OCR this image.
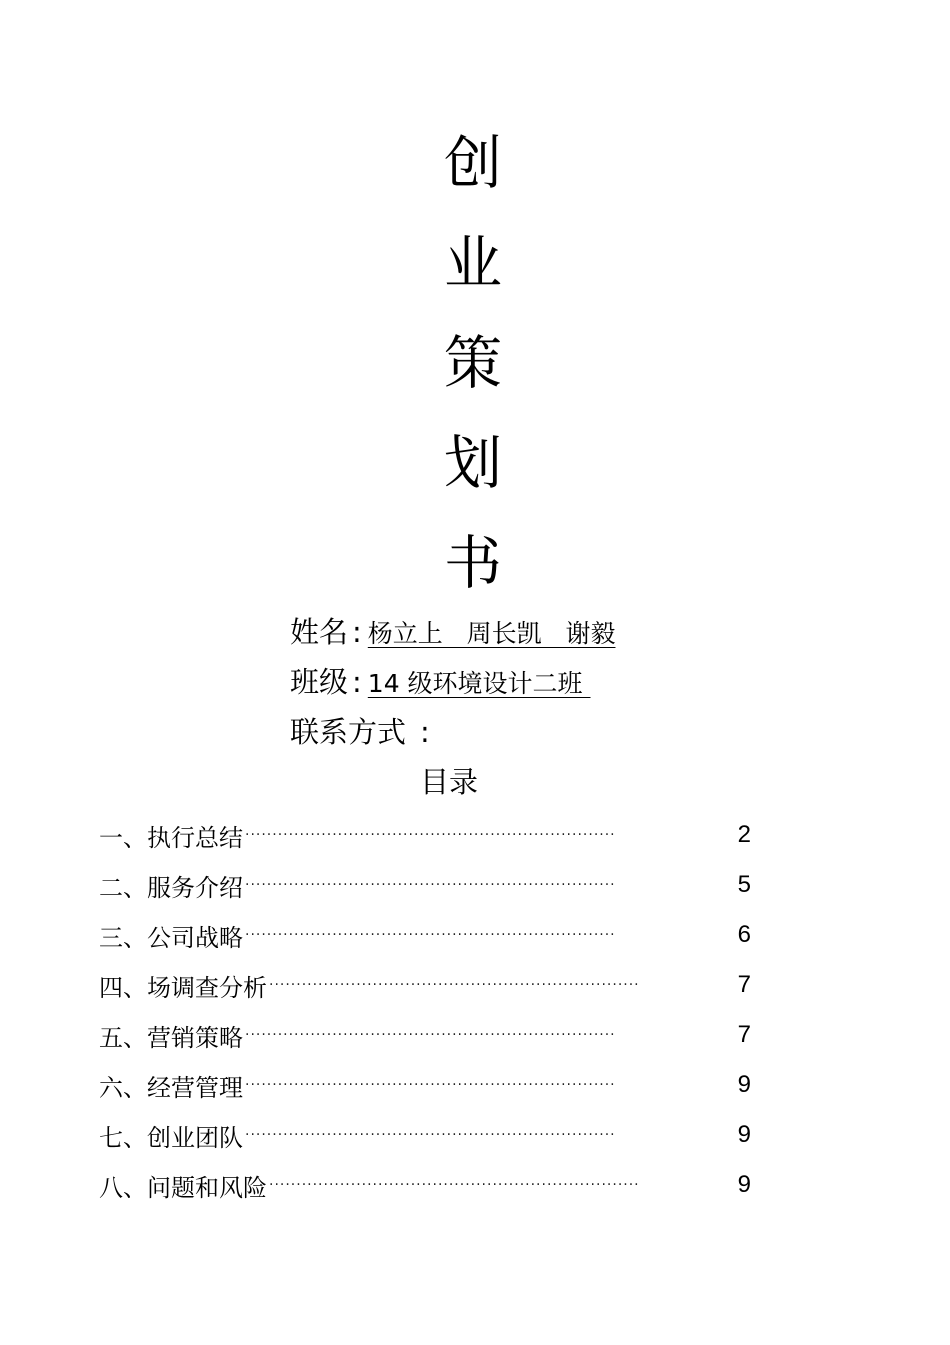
创
业
策
划
书
姓名 : 杨立上   周长凯   谢毅
班级 : 14 级环境设计二班
联系方式 :
目录
一、执行总结 ····································································	2
二、服务介绍 ····································································	5
三、公司战略 ····································································	6
四、场调查分析 ····································································	7
五、营销策略 ····································································	7
六、经营管理 ····································································	9
七、创业团队 ····································································	9
八、问题和风险 ····································································	9
